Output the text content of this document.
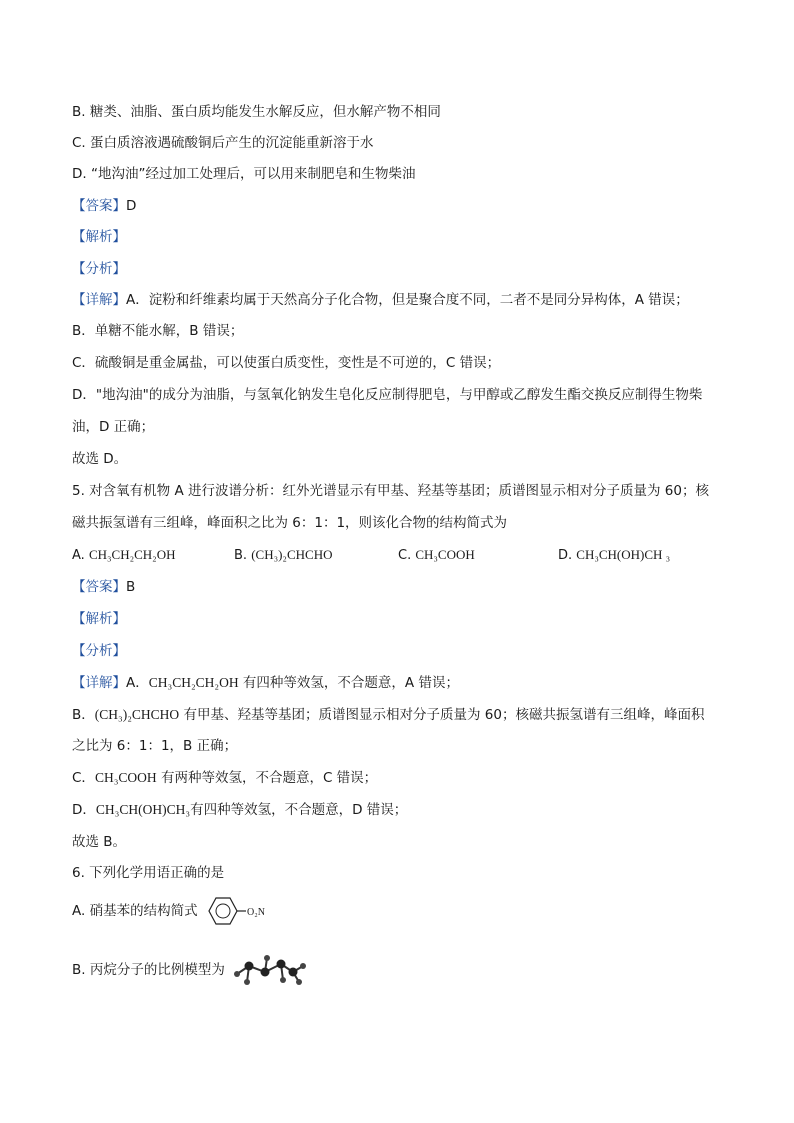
B. 糖类、油脂、蛋白质均能发生水解反应，但水解产物不相同
C. 蛋白质溶液遇硫酸铜后产生的沉淀能重新溶于水
D. “地沟油”经过加工处理后，可以用来制肥皂和生物柴油
【答案】D
【解析】
【分析】
【详解】A．淀粉和纤维素均属于天然高分子化合物，但是聚合度不同，二者不是同分异构体，A 错误；
B．单糖不能水解，B 错误；
C．硫酸铜是重金属盐，可以使蛋白质变性，变性是不可逆的，C 错误；
D．"地沟油"的成分为油脂，与氢氧化钠发生皂化反应制得肥皂，与甲醇或乙醇发生酯交换反应制得生物柴
油，D 正确；
故选 D。
5. 对含氧有机物 A 进行波谱分析：红外光谱显示有甲基、羟基等基团；质谱图显示相对分子质量为 60；核
磁共振氢谱有三组峰，峰面积之比为 6：1：1，则该化合物的结构简式为
A. CH₃CH₂CH₂OH	B. (CH₃)₂CHCHO	C. CH₃COOH	D. CH₃CH(OH)CH ₃
【答案】B
【解析】
【分析】
【详解】A．CH₃CH₂CH₂OH 有四种等效氢，不合题意，A 错误；
B．(CH₃)₂CHCHO 有甲基、羟基等基团；质谱图显示相对分子质量为 60；核磁共振氢谱有三组峰，峰面积
之比为 6：1：1，B 正确；
C．CH₃COOH 有两种等效氢，不合题意，C 错误；
D．CH₃CH(OH)CH₃有四种等效氢，不合题意，D 错误；
故选 B。
6. 下列化学用语正确的是
A. 硝基苯的结构简式	O₂N
B. 丙烷分子的比例模型为
